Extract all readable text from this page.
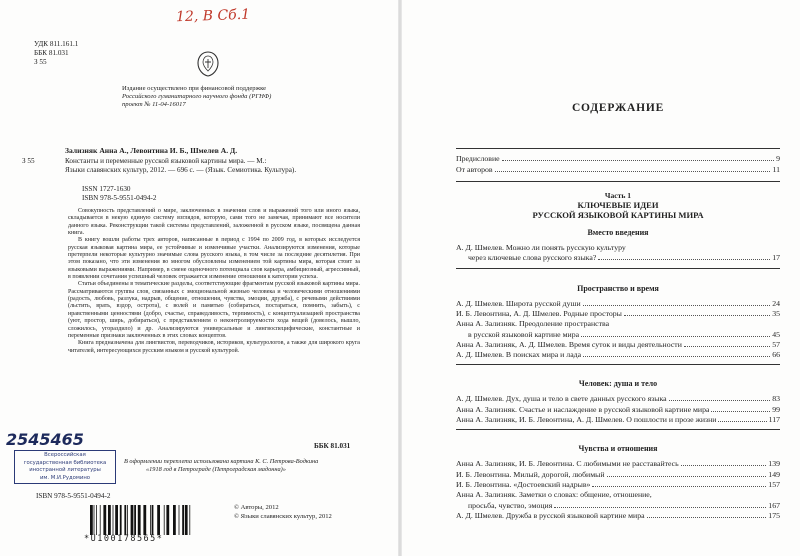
12, В Сб.1
УДК 811.161.1
ББК 81.031
З 55
Издание осуществлено при финансовой поддержке
Российского гуманитарного научного фонда (РГНФ)
проект № 11-04-16017
Зализняк Анна А., Левонтина И. Б., Шмелев А. Д.
З 55	Константы и переменные русской языковой картины мира. — М.:
Языки славянских культур, 2012. — 696 с. — (Язык. Семиотика. Культура).
ISSN 1727-1630
ISBN 978-5-9551-0494-2

Совокупность представлений о мире, заключенных в значении слов и выражений того или иного языка, складывается в некую единую систему взглядов, которую, сами того не замечая, принимают все носители данного языка. Реконструкции такой системы представлений, заложенной в русском языке, посвящена данная книга.

В книгу вошли работы трех авторов, написанные в период с 1994 по 2009 год, в которых исследуется русская языковая картина мира, ее устойчивые и изменчивые участки. Анализируются изменения, которые претерпели некоторые культурно значимые слова русского языка, в том числе за последние десятилетия. При этом показано, что эти изменения во многом обусловлены изменением той картины мира, которая стоит за языковыми выражениями. Например, в смене оценочного потенциала слов карьера, амбициозный, агрессивный, в появлении сочетания успешный человек отражается изменение отношения к категории успеха.

Статьи объединены в тематические разделы, соответствующие фрагментам русской языковой картины мира. Рассматриваются группы слов, связанных с эмоциональной жизнью человека и человеческими отношениями (радость, любовь, разлука, надрыв, общение, отношения, чувства, эмоции, дружба), с речевыми действиями (льстить, врать, вздор, острота), с волей и памятью (собираться, постараться, помнить, забыть), с нравственными ценностями (добро, счастье, справедливость, терпимость), с концептуализацией пространства (уют, простор, ширь, добираться), с представлением о неконтролируемости хода вещей (довелось, вышло, сложилось, угораздило) и др. Анализируются универсальные и лингвоспецифические, константные и переменные признаки заключенных в этих словах концептов.

Книга предназначена для лингвистов, переводчиков, историков, культурологов, а также для широкого круга читателей, интересующихся русским языком и русской культурой.

ББК 81.031
2545465
Всероссийская
государственная библиотека
иностранной литературы
им. М.И.Рудомино
В оформлении переплета использована картина К. С. Петрова-Водкина
«1918 год в Петрограде (Петроградская мадонна)»
ISBN 978-5-9551-0494-2
*U100178565*
© Авторы, 2012
© Языки славянских культур, 2012
СОДЕРЖАНИЕ
Предисловие	9
От авторов	11
Часть 1
КЛЮЧЕВЫЕ ИДЕИ
РУССКОЙ ЯЗЫКОВОЙ КАРТИНЫ МИРА
Вместо введения
А. Д. Шмелев. Можно ли понять русскую культуру
через ключевые слова русского языка?	17
Пространство и время
А. Д. Шмелев. Широта русской души	24
И. Б. Левонтина, А. Д. Шмелев. Родные просторы	35
Анна А. Зализняк. Преодоление пространства
в русской языковой картине мира	45
Анна А. Зализняк, А. Д. Шмелев. Время суток и виды деятельности	57
А. Д. Шмелев. В поисках мира и лада	66
Человек: душа и тело
А. Д. Шмелев. Дух, душа и тело в свете данных русского языка	83
Анна А. Зализняк. Счастье и наслаждение в русской языковой картине мира	99
Анна А. Зализняк, И. Б. Левонтина, А. Д. Шмелев. О пошлости и прозе жизни	117
Чувства и отношения
Анна А. Зализняк, И. Б. Левонтина. С любимыми не расставайтесь	139
И. Б. Левонтина. Милый, дорогой, любимый	149
И. Б. Левонтина. «Достоевский надрыв»	157
Анна А. Зализняк. Заметки о словах: общение, отношение,
просьба, чувство, эмоция	167
А. Д. Шмелев. Дружба в русской языковой картине мира	175
